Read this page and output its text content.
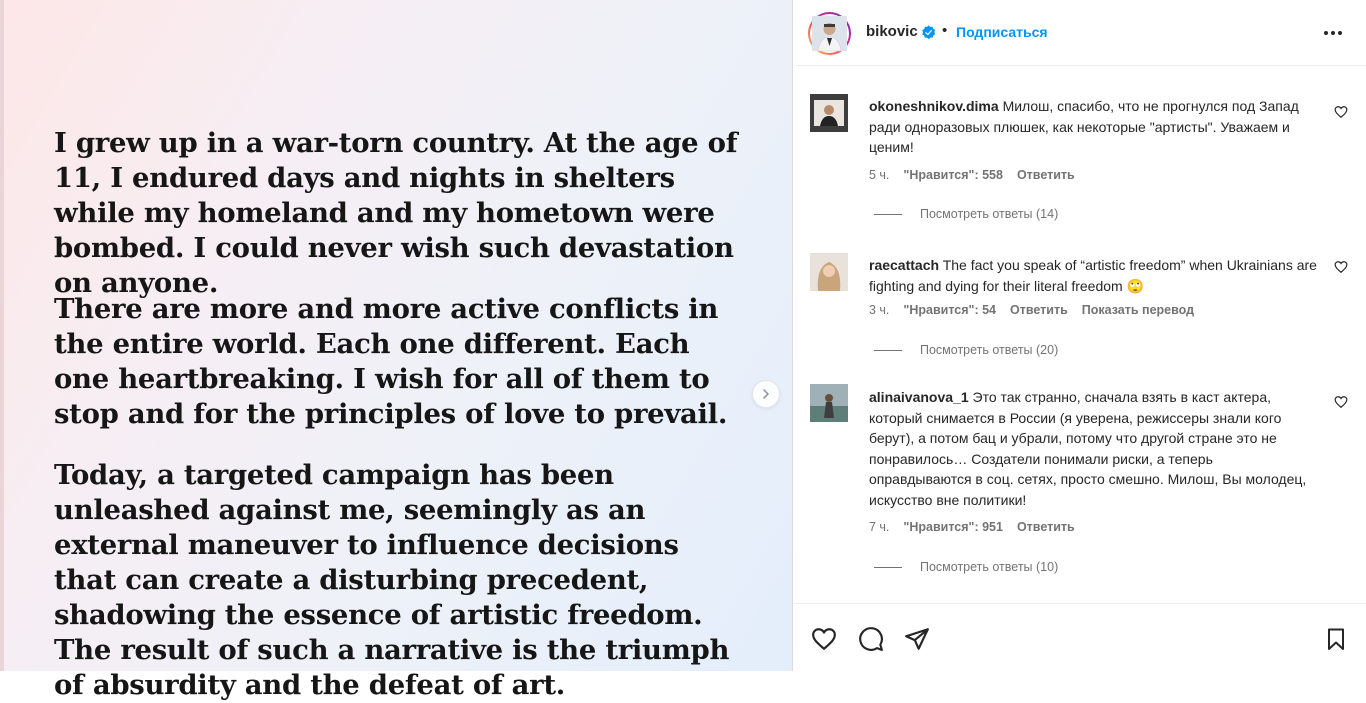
I grew up in a war-torn country. At the age of 11, I endured days and nights in shelters while my homeland and my hometown were bombed. I could never wish such devastation on anyone.
There are more and more active conflicts in the entire world. Each one different. Each one heartbreaking. I wish for all of them to stop and for the principles of love to prevail.
Today, a targeted campaign has been unleashed against me, seemingly as an external maneuver to influence decisions that can create a disturbing precedent, shadowing the essence of artistic freedom. The result of such a narrative is the triumph of absurdity and the defeat of art.
bikovic • Подписаться
okoneshnikov.dima Милош, спасибо, что не прогнулся под Запад ради одноразовых плюшек, как некоторые "артисты". Уважаем и ценим!
5 ч. "Нравится": 558 Ответить
Посмотреть ответы (14)
raecattach The fact you speak of “artistic freedom” when Ukrainians are fighting and dying for their literal freedom 🙄
3 ч. "Нравится": 54 Ответить Показать перевод
Посмотреть ответы (20)
alinaivanova_1 Это так странно, сначала взять в каст актера, который снимается в России (я уверена, режиссеры знали кого берут), а потом бац и убрали, потому что другой стране это не понравилось… Создатели понимали риски, а теперь оправдываются в соц. сетях, просто смешно. Милош, Вы молодец, искусство вне политики!
7 ч. "Нравится": 951 Ответить
Посмотреть ответы (10)
